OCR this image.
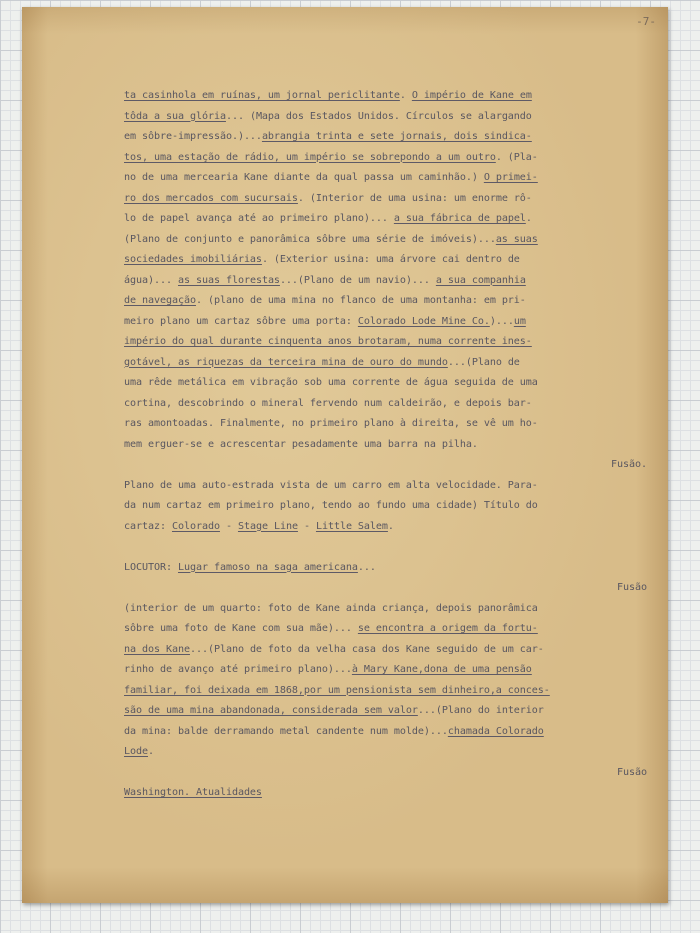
-7-
ta casinhola em ruínas, um jornal periclitante. O império de Kane em
tôda a sua glória... (Mapa dos Estados Unidos. Círculos se alargando
em sôbre-impressão.)...abrangia trinta e sete jornais, dois sindica-
tos, uma estação de rádio, um império se sobrepondo a um outro. (Pla-
no de uma mercearia Kane diante da qual passa um caminhão.) O primei-
ro dos mercados com sucursais. (Interior de uma usina: um enorme rô-
lo de papel avança até ao primeiro plano)... a sua fábrica de papel.
(Plano de conjunto e panorâmica sôbre uma série de imóveis)...as suas
sociedades imobiliárias. (Exterior usina: uma árvore cai dentro de
água)... as suas florestas...(Plano de um navio)... a sua companhia
de navegação. (plano de uma mina no flanco de uma montanha: em pri-
meiro plano um cartaz sôbre uma porta: Colorado Lode Mine Co.)...um
império do qual durante cinquenta anos brotaram, numa corrente ines-
gotável, as riquezas da terceira mina de ouro do mundo...(Plano de
uma rêde metálica em vibração sob uma corrente de água seguida de uma
cortina, descobrindo o mineral fervendo num caldeirão, e depois bar-
ras amontoadas. Finalmente, no primeiro plano à direita, se vê um ho-
mem erguer-se e acrescentar pesadamente uma barra na pilha.
Fusão.
Plano de uma auto-estrada vista de um carro em alta velocidade. Para-
da num cartaz em primeiro plano, tendo ao fundo uma cidade) Título do
cartaz: Colorado - Stage Line - Little Salem.
LOCUTOR: Lugar famoso na saga americana...
Fusão
(interior de um quarto: foto de Kane ainda criança, depois panorâmica
sôbre uma foto de Kane com sua mãe)... se encontra a origem da fortu-
na dos Kane...(Plano de foto da velha casa dos Kane seguido de um car-
rinho de avanço até primeiro plano)...à Mary Kane,dona de uma pensão
familiar, foi deixada em 1868,por um pensionista sem dinheiro,a conces-
são de uma mina abandonada, considerada sem valor...(Plano do interior
da mina: balde derramando metal candente num molde)...chamada Colorado
Lode.
Fusão
Washington. Atualidades
